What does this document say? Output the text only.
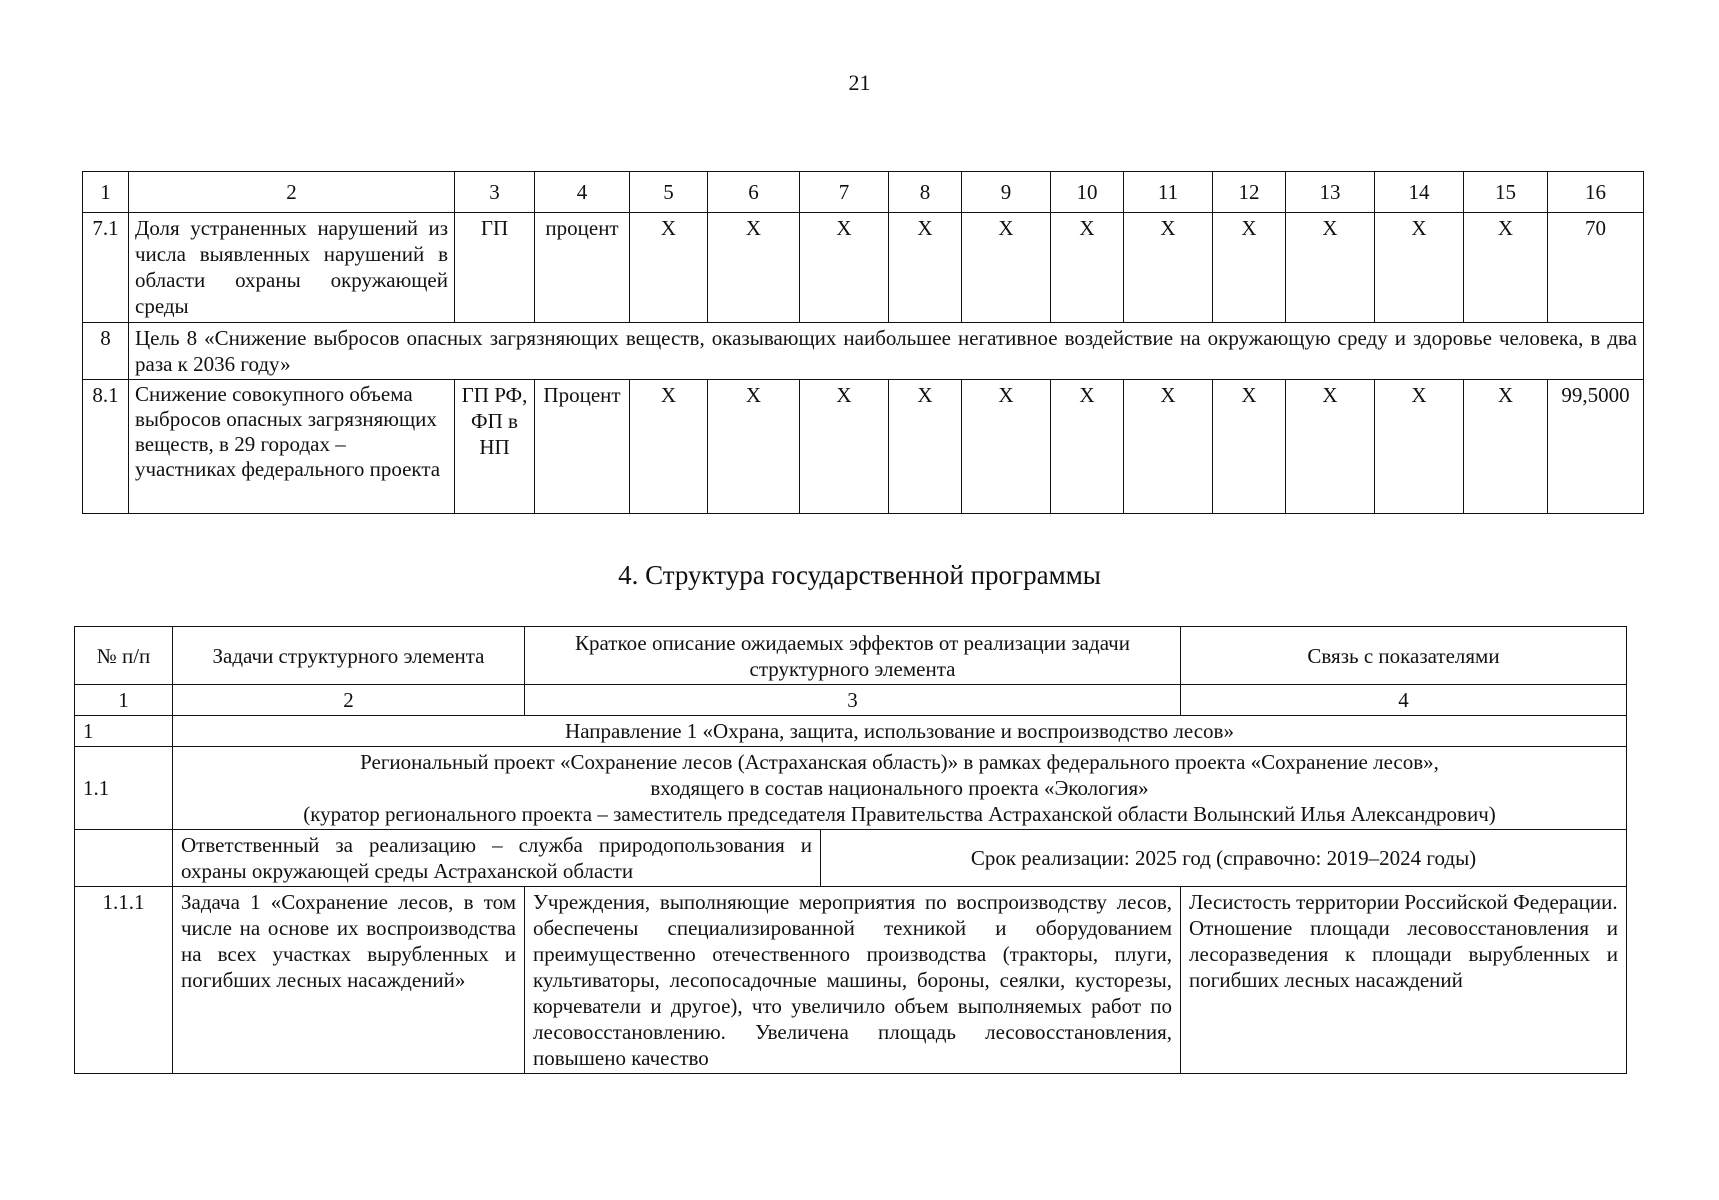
21
1	2	3	4	5	6	7	8	9	10	11	12	13	14	15	16
7.1	Доля устраненных нарушений из числа выявленных нарушений в области охраны окружающей среды	ГП	процент	Х	Х	Х	Х	Х	Х	Х	Х	Х	Х	Х	70
8	Цель 8 «Снижение выбросов опасных загрязняющих веществ, оказывающих наибольшее негативное воздействие на окружающую среду и здоровье человека, в два раза к 2036 году»														
8.1	Снижение совокупного объема выбросов опасных загрязняющих веществ, в 29 городах – участниках федерального проекта	ГП РФ, ФП в НП	Процент	Х	Х	Х	Х	Х	Х	Х	Х	Х	Х	Х	99,5000
4. Структура государственной программы
№ п/п	Задачи структурного элемента	Краткое описание ожидаемых эффектов от реализации задачи структурного элемента		Связь с показателями
1	2	3		4
1	Направление 1 «Охрана, защита, использование и воспроизводство лесов»			
1.1	Региональный проект «Сохранение лесов (Астраханская область)» в рамках федерального проекта «Сохранение лесов»,
входящего в состав национального проекта «Экология»
(куратор регионального проекта – заместитель председателя Правительства Астраханской области Волынский Илья Александрович)			

	Ответственный за реализацию – служба природопользования и охраны окружающей среды Астраханской области		Срок реализации: 2025 год (справочно: 2019–2024 годы)	
1.1.1	Задача 1 «Сохранение лесов, в том числе на основе их воспроизводства на всех участках вырубленных и погибших лесных насаждений»	Учреждения, выполняющие мероприятия по воспроизводству лесов, обеспечены специализированной техникой и оборудованием преимущественно отечественного производства (тракторы, плуги, культиваторы, лесопосадочные машины, бороны, сеялки, кусторезы, корчеватели и другое), что увеличило объем выполняемых работ по лесовосстановлению. Увеличена площадь лесовосстановления, повышено качество		Лесистость территории Российской Федерации.
Отношение площади лесовосстановления и лесоразведения к площади вырубленных и погибших лесных насаждений
